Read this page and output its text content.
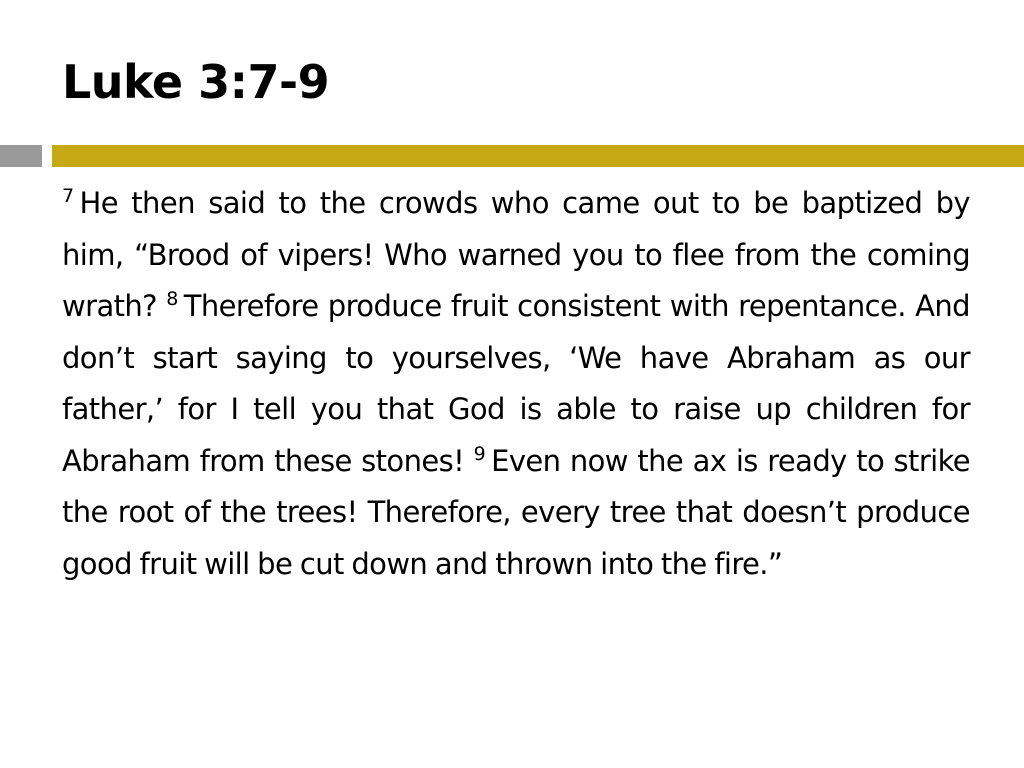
Luke 3:7-9

$^7$ He then said to the crowds who came out to be baptized by him, “Brood of vipers! Who warned you to flee from the coming wrath? $^8$ Therefore produce fruit consistent with repentance. And don’t start saying to yourselves, ‘We have Abraham as our father,’ for I tell you that God is able to raise up children for Abraham from these stones! $^9$ Even now the ax is ready to strike the root of the trees! Therefore, every tree that doesn’t produce good fruit will be cut down and thrown into the fire.”
